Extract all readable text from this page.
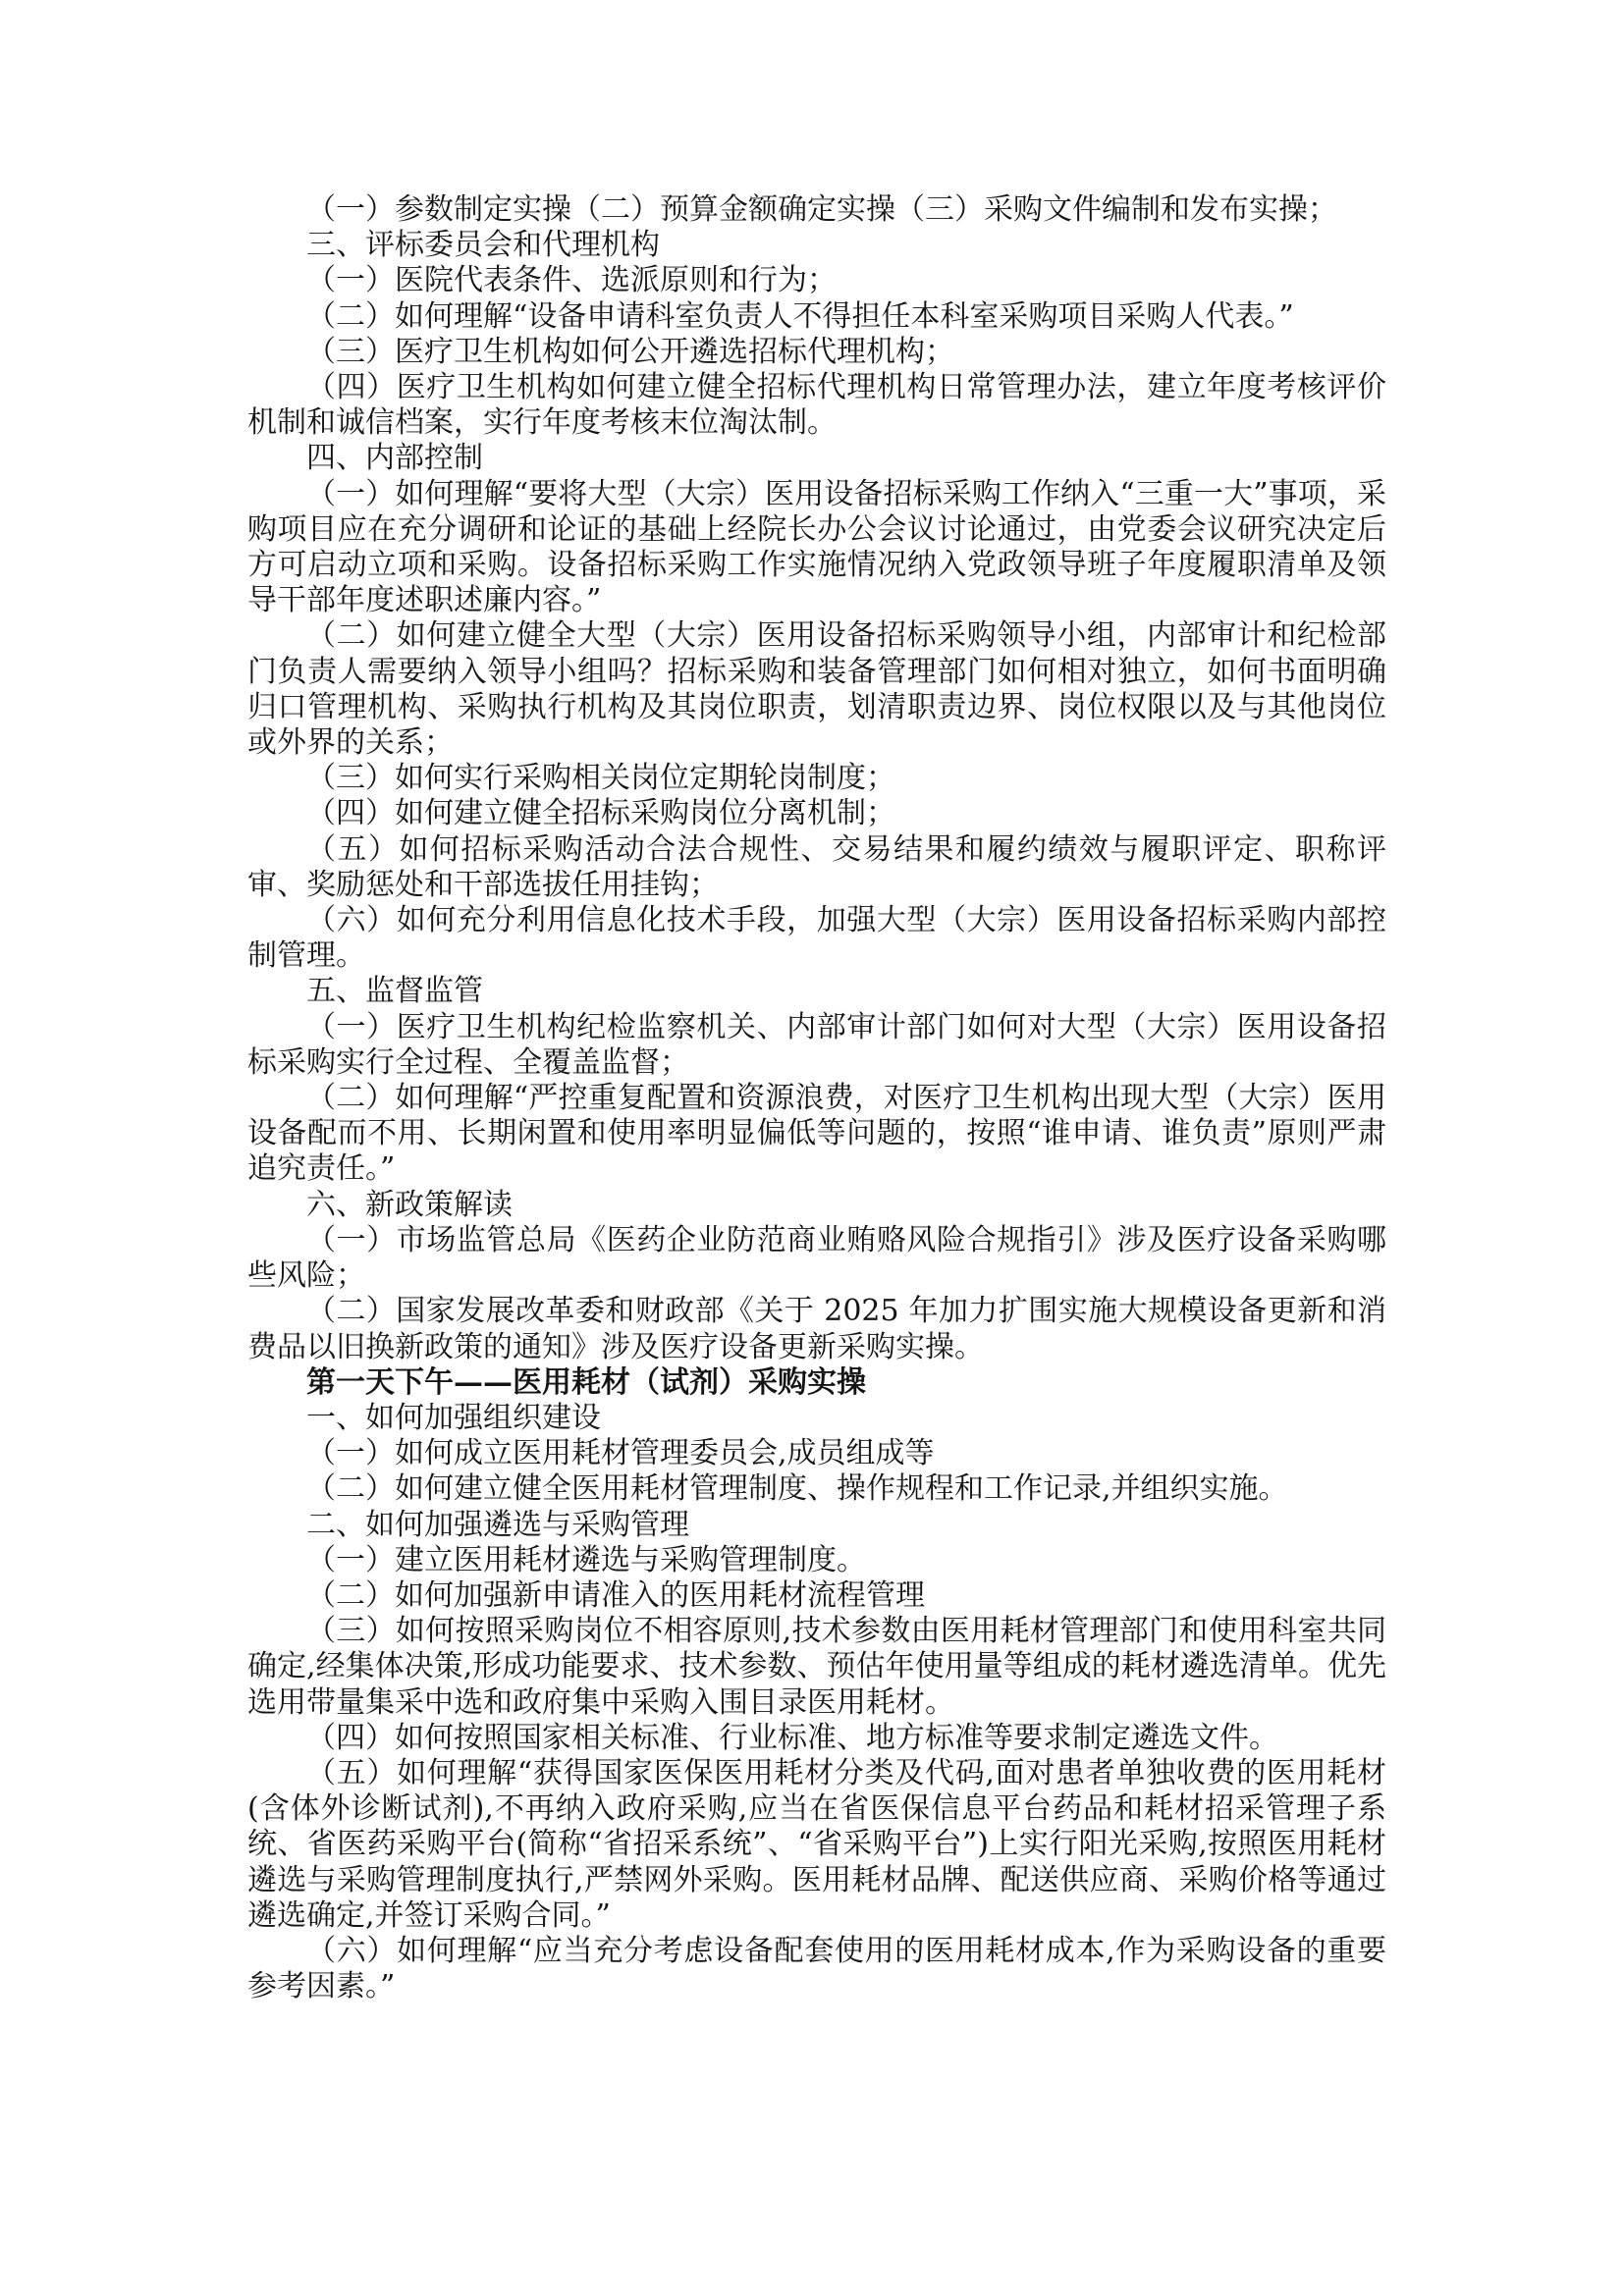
（一）参数制定实操（二）预算金额确定实操（三）采购文件编制和发布实操；

三、评标委员会和代理机构

（一）医院代表条件、选派原则和行为；

（二）如何理解“设备申请科室负责人不得担任本科室采购项目采购人代表。”

（三）医疗卫生机构如何公开遴选招标代理机构；

（四）医疗卫生机构如何建立健全招标代理机构日常管理办法，建立年度考核评价机制和诚信档案，实行年度考核末位淘汰制。

四、内部控制

（一）如何理解“要将大型（大宗）医用设备招标采购工作纳入“三重一大”事项，采购项目应在充分调研和论证的基础上经院长办公会议讨论通过，由党委会议研究决定后方可启动立项和采购。设备招标采购工作实施情况纳入党政领导班子年度履职清单及领导干部年度述职述廉内容。”

（二）如何建立健全大型（大宗）医用设备招标采购领导小组，内部审计和纪检部门负责人需要纳入领导小组吗？招标采购和装备管理部门如何相对独立，如何书面明确归口管理机构、采购执行机构及其岗位职责，划清职责边界、岗位权限以及与其他岗位或外界的关系；

（三）如何实行采购相关岗位定期轮岗制度；

（四）如何建立健全招标采购岗位分离机制；

（五）如何招标采购活动合法合规性、交易结果和履约绩效与履职评定、职称评审、奖励惩处和干部选拔任用挂钩；

（六）如何充分利用信息化技术手段，加强大型（大宗）医用设备招标采购内部控制管理。

五、监督监管

（一）医疗卫生机构纪检监察机关、内部审计部门如何对大型（大宗）医用设备招标采购实行全过程、全覆盖监督；

（二）如何理解“严控重复配置和资源浪费，对医疗卫生机构出现大型（大宗）医用设备配而不用、长期闲置和使用率明显偏低等问题的，按照“谁申请、谁负责”原则严肃追究责任。”

六、新政策解读

（一）市场监管总局《医药企业防范商业贿赂风险合规指引》涉及医疗设备采购哪些风险；

（二）国家发展改革委和财政部《关于 2025 年加力扩围实施大规模设备更新和消费品以旧换新政策的通知》涉及医疗设备更新采购实操。

第一天下午——医用耗材（试剂）采购实操

一、如何加强组织建设

（一）如何成立医用耗材管理委员会,成员组成等

（二）如何建立健全医用耗材管理制度、操作规程和工作记录,并组织实施。

二、如何加强遴选与采购管理

（一）建立医用耗材遴选与采购管理制度。

（二）如何加强新申请准入的医用耗材流程管理

（三）如何按照采购岗位不相容原则,技术参数由医用耗材管理部门和使用科室共同确定,经集体决策,形成功能要求、技术参数、预估年使用量等组成的耗材遴选清单。优先选用带量集采中选和政府集中采购入围目录医用耗材。

（四）如何按照国家相关标准、行业标准、地方标准等要求制定遴选文件。

（五）如何理解“获得国家医保医用耗材分类及代码,面对患者单独收费的医用耗材(含体外诊断试剂),不再纳入政府采购,应当在省医保信息平台药品和耗材招采管理子系统、省医药采购平台(简称“省招采系统”、“省采购平台”)上实行阳光采购,按照医用耗材遴选与采购管理制度执行,严禁网外采购。医用耗材品牌、配送供应商、采购价格等通过遴选确定,并签订采购合同。”

（六）如何理解“应当充分考虑设备配套使用的医用耗材成本,作为采购设备的重要参考因素。”
